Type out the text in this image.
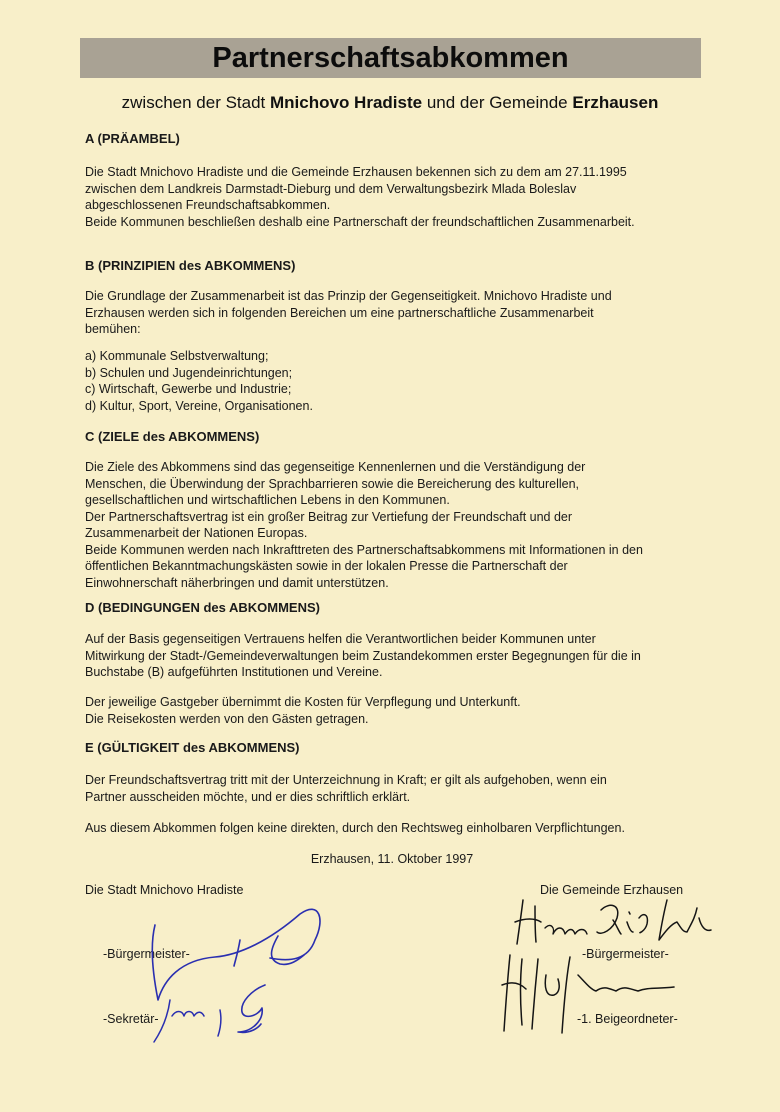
Partnerschaftsabkommen
zwischen der Stadt Mnichovo Hradiste und der Gemeinde Erzhausen
A (PRÄAMBEL)
Die Stadt Mnichovo Hradiste und die Gemeinde Erzhausen bekennen sich zu dem am 27.11.1995
zwischen dem Landkreis Darmstadt-Dieburg und dem Verwaltungsbezirk Mlada Boleslav
abgeschlossenen Freundschaftsabkommen.
Beide Kommunen beschließen deshalb eine Partnerschaft der freundschaftlichen Zusammenarbeit.
B (PRINZIPIEN des ABKOMMENS)
Die Grundlage der Zusammenarbeit ist das Prinzip der Gegenseitigkeit. Mnichovo Hradiste und
Erzhausen werden sich in folgenden Bereichen um eine partnerschaftliche Zusammenarbeit
bemühen:
a) Kommunale Selbstverwaltung;
b) Schulen und Jugendeinrichtungen;
c) Wirtschaft, Gewerbe und Industrie;
d) Kultur, Sport, Vereine, Organisationen.
C (ZIELE des ABKOMMENS)
Die Ziele des Abkommens sind das gegenseitige Kennenlernen und die Verständigung der
Menschen, die Überwindung der Sprachbarrieren sowie die Bereicherung des kulturellen,
gesellschaftlichen und wirtschaftlichen Lebens in den Kommunen.
Der Partnerschaftsvertrag ist ein großer Beitrag zur Vertiefung der Freundschaft und der
Zusammenarbeit der Nationen Europas.
Beide Kommunen werden nach Inkrafttreten des Partnerschaftsabkommens mit Informationen in den
öffentlichen Bekanntmachungskästen sowie in der lokalen Presse die Partnerschaft der
Einwohnerschaft näherbringen und damit unterstützen.
D (BEDINGUNGEN des ABKOMMENS)
Auf der Basis gegenseitigen Vertrauens helfen die Verantwortlichen beider Kommunen unter
Mitwirkung der Stadt-/Gemeindeverwaltungen beim Zustandekommen erster Begegnungen für die in
Buchstabe (B) aufgeführten Institutionen und Vereine.
Der jeweilige Gastgeber übernimmt die Kosten für Verpflegung und Unterkunft.
Die Reisekosten werden von den Gästen getragen.
E (GÜLTIGKEIT des ABKOMMENS)
Der Freundschaftsvertrag tritt mit der Unterzeichnung in Kraft; er gilt als aufgehoben, wenn ein
Partner ausscheiden möchte, und er dies schriftlich erklärt.
Aus diesem Abkommen folgen keine direkten, durch den Rechtsweg einholbaren Verpflichtungen.
Erzhausen, 11. Oktober 1997
Die Stadt Mnichovo Hradiste	Die Gemeinde Erzhausen
-Bürgermeister-
-Sekretär-
-Bürgermeister-
-1. Beigeordneter-
